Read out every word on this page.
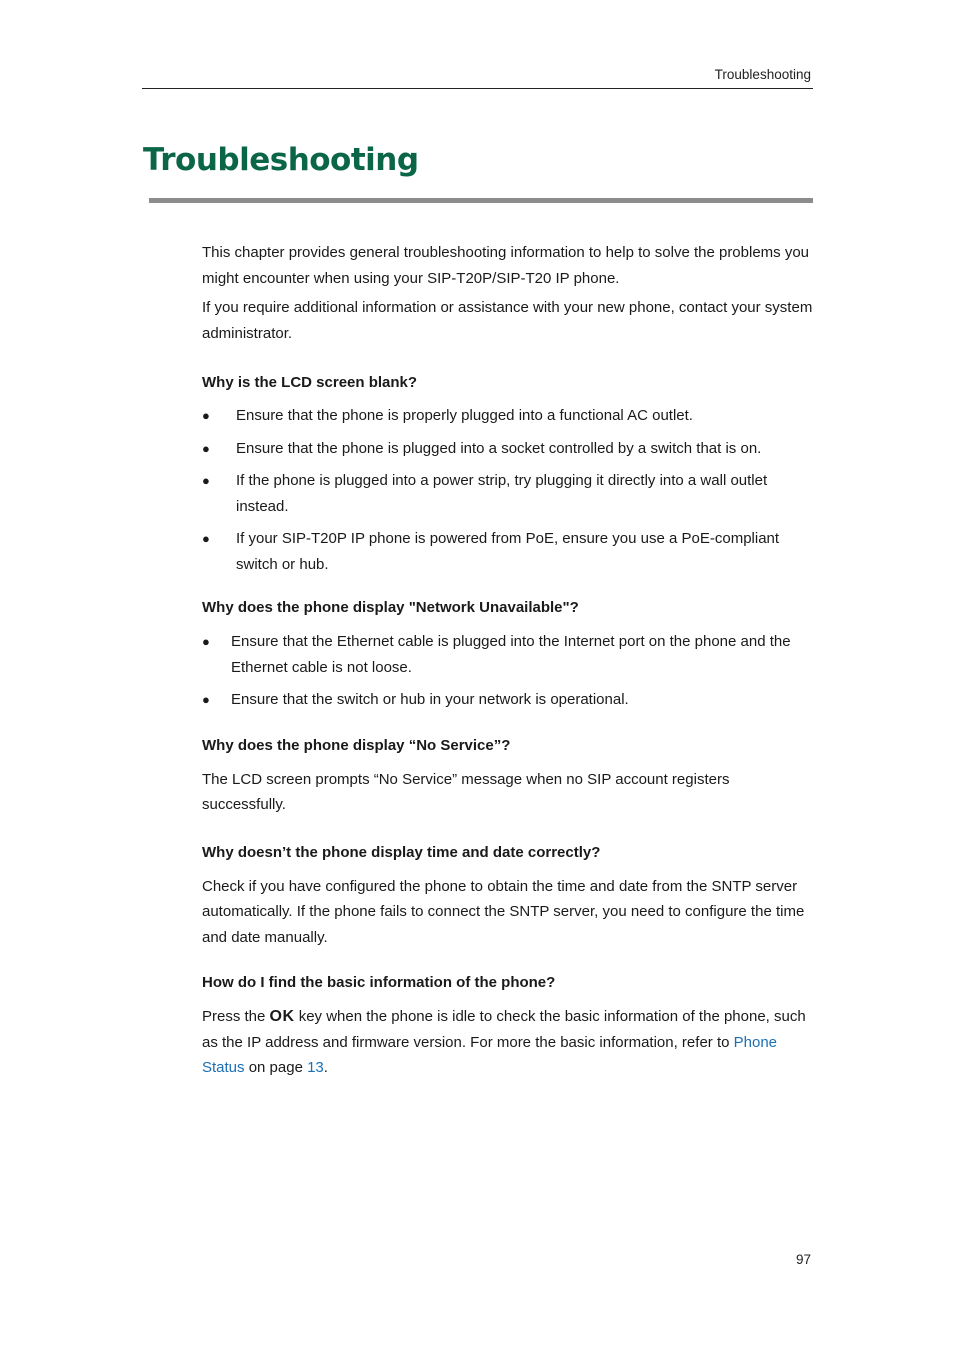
Troubleshooting
Troubleshooting

This chapter provides general troubleshooting information to help to solve the problems you might encounter when using your SIP-T20P/SIP-T20 IP phone.

If you require additional information or assistance with your new phone, contact your system administrator.

Why is the LCD screen blank?
● Ensure that the phone is properly plugged into a functional AC outlet.
● Ensure that the phone is plugged into a socket controlled by a switch that is on.
● If the phone is plugged into a power strip, try plugging it directly into a wall outlet instead.
● If your SIP-T20P IP phone is powered from PoE, ensure you use a PoE-compliant switch or hub.
Why does the phone display "Network Unavailable"?
● Ensure that the Ethernet cable is plugged into the Internet port on the phone and the Ethernet cable is not loose.
● Ensure that the switch or hub in your network is operational.
Why does the phone display “No Service”?

The LCD screen prompts “No Service” message when no SIP account registers successfully.

Why doesn’t the phone display time and date correctly?

Check if you have configured the phone to obtain the time and date from the SNTP server automatically. If the phone fails to connect the SNTP server, you need to configure the time and date manually.

How do I find the basic information of the phone?

Press the OK key when the phone is idle to check the basic information of the phone, such as the IP address and firmware version. For more the basic information, refer to Phone Status on page 13.

97
